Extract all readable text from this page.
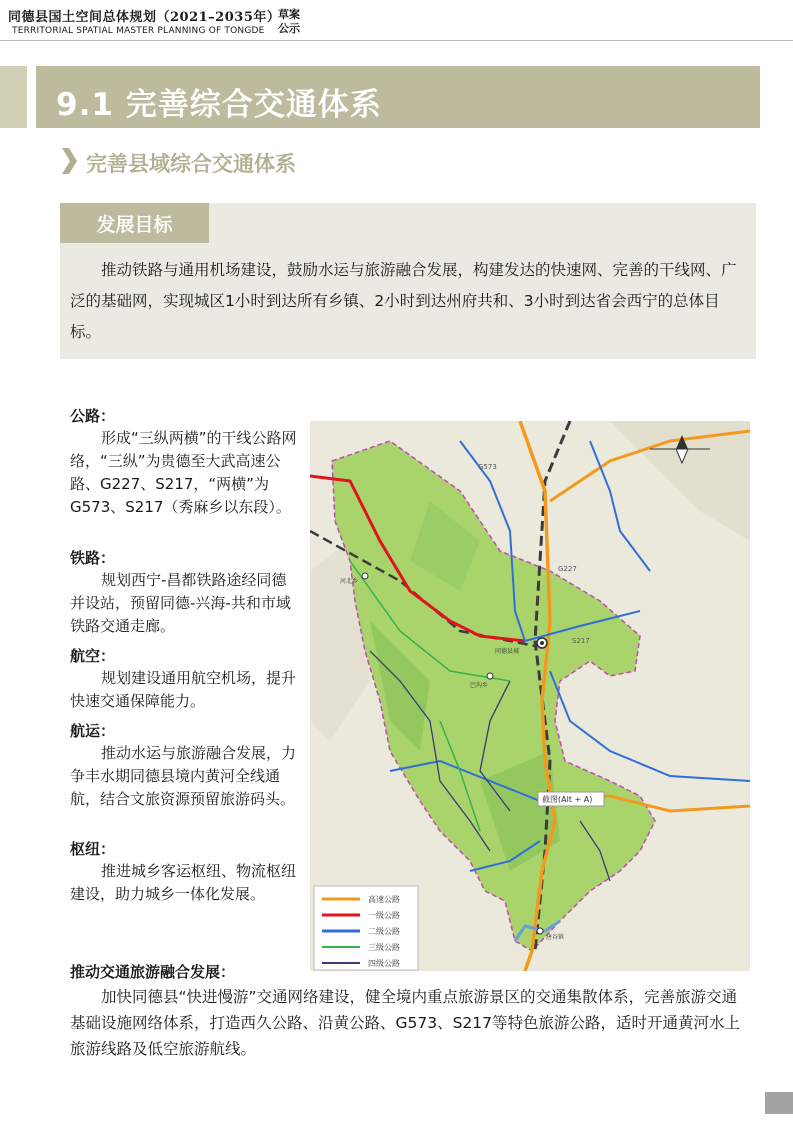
同德县国土空间总体规划（2021–2035年）
TERRITORIAL SPATIAL MASTER PLANNING OF TONGDE
草案
公示
9.1 完善综合交通体系
完善县域综合交通体系
发展目标

推动铁路与通用机场建设，鼓励水运与旅游融合发展，构建发达的快速网、完善的干线网、广泛的基础网，实现城区1小时到达所有乡镇、2小时到达州府共和、3小时到达省会西宁的总体目标。

公路：

形成“三纵两横”的干线公路网络，“三纵”为贵德至大武高速公路、G227、S217，“两横”为G573、S217（秀麻乡以东段）。

铁路：

规划西宁-昌都铁路途经同德并设站，预留同德-兴海-共和市域铁路交通走廊。

航空：

规划建设通用航空机场，提升快速交通保障能力。

航运：

推动水运与旅游融合发展，力争丰水期同德县境内黄河全线通航，结合文旅资源预留旅游码头。

枢纽：

推进城乡客运枢纽、物流枢纽建设，助力城乡一体化发展。

G573
G227
S217
同德县城
河北乡
巴沟乡
唐谷镇
截图(Alt + A)
高速公路
一级公路
二级公路
三级公路
四级公路
推动交通旅游融合发展：

加快同德县“快进慢游”交通网络建设，健全境内重点旅游景区的交通集散体系，完善旅游交通基础设施网络体系，打造西久公路、沿黄公路、G573、S217等特色旅游公路，适时开通黄河水上旅游线路及低空旅游航线。
